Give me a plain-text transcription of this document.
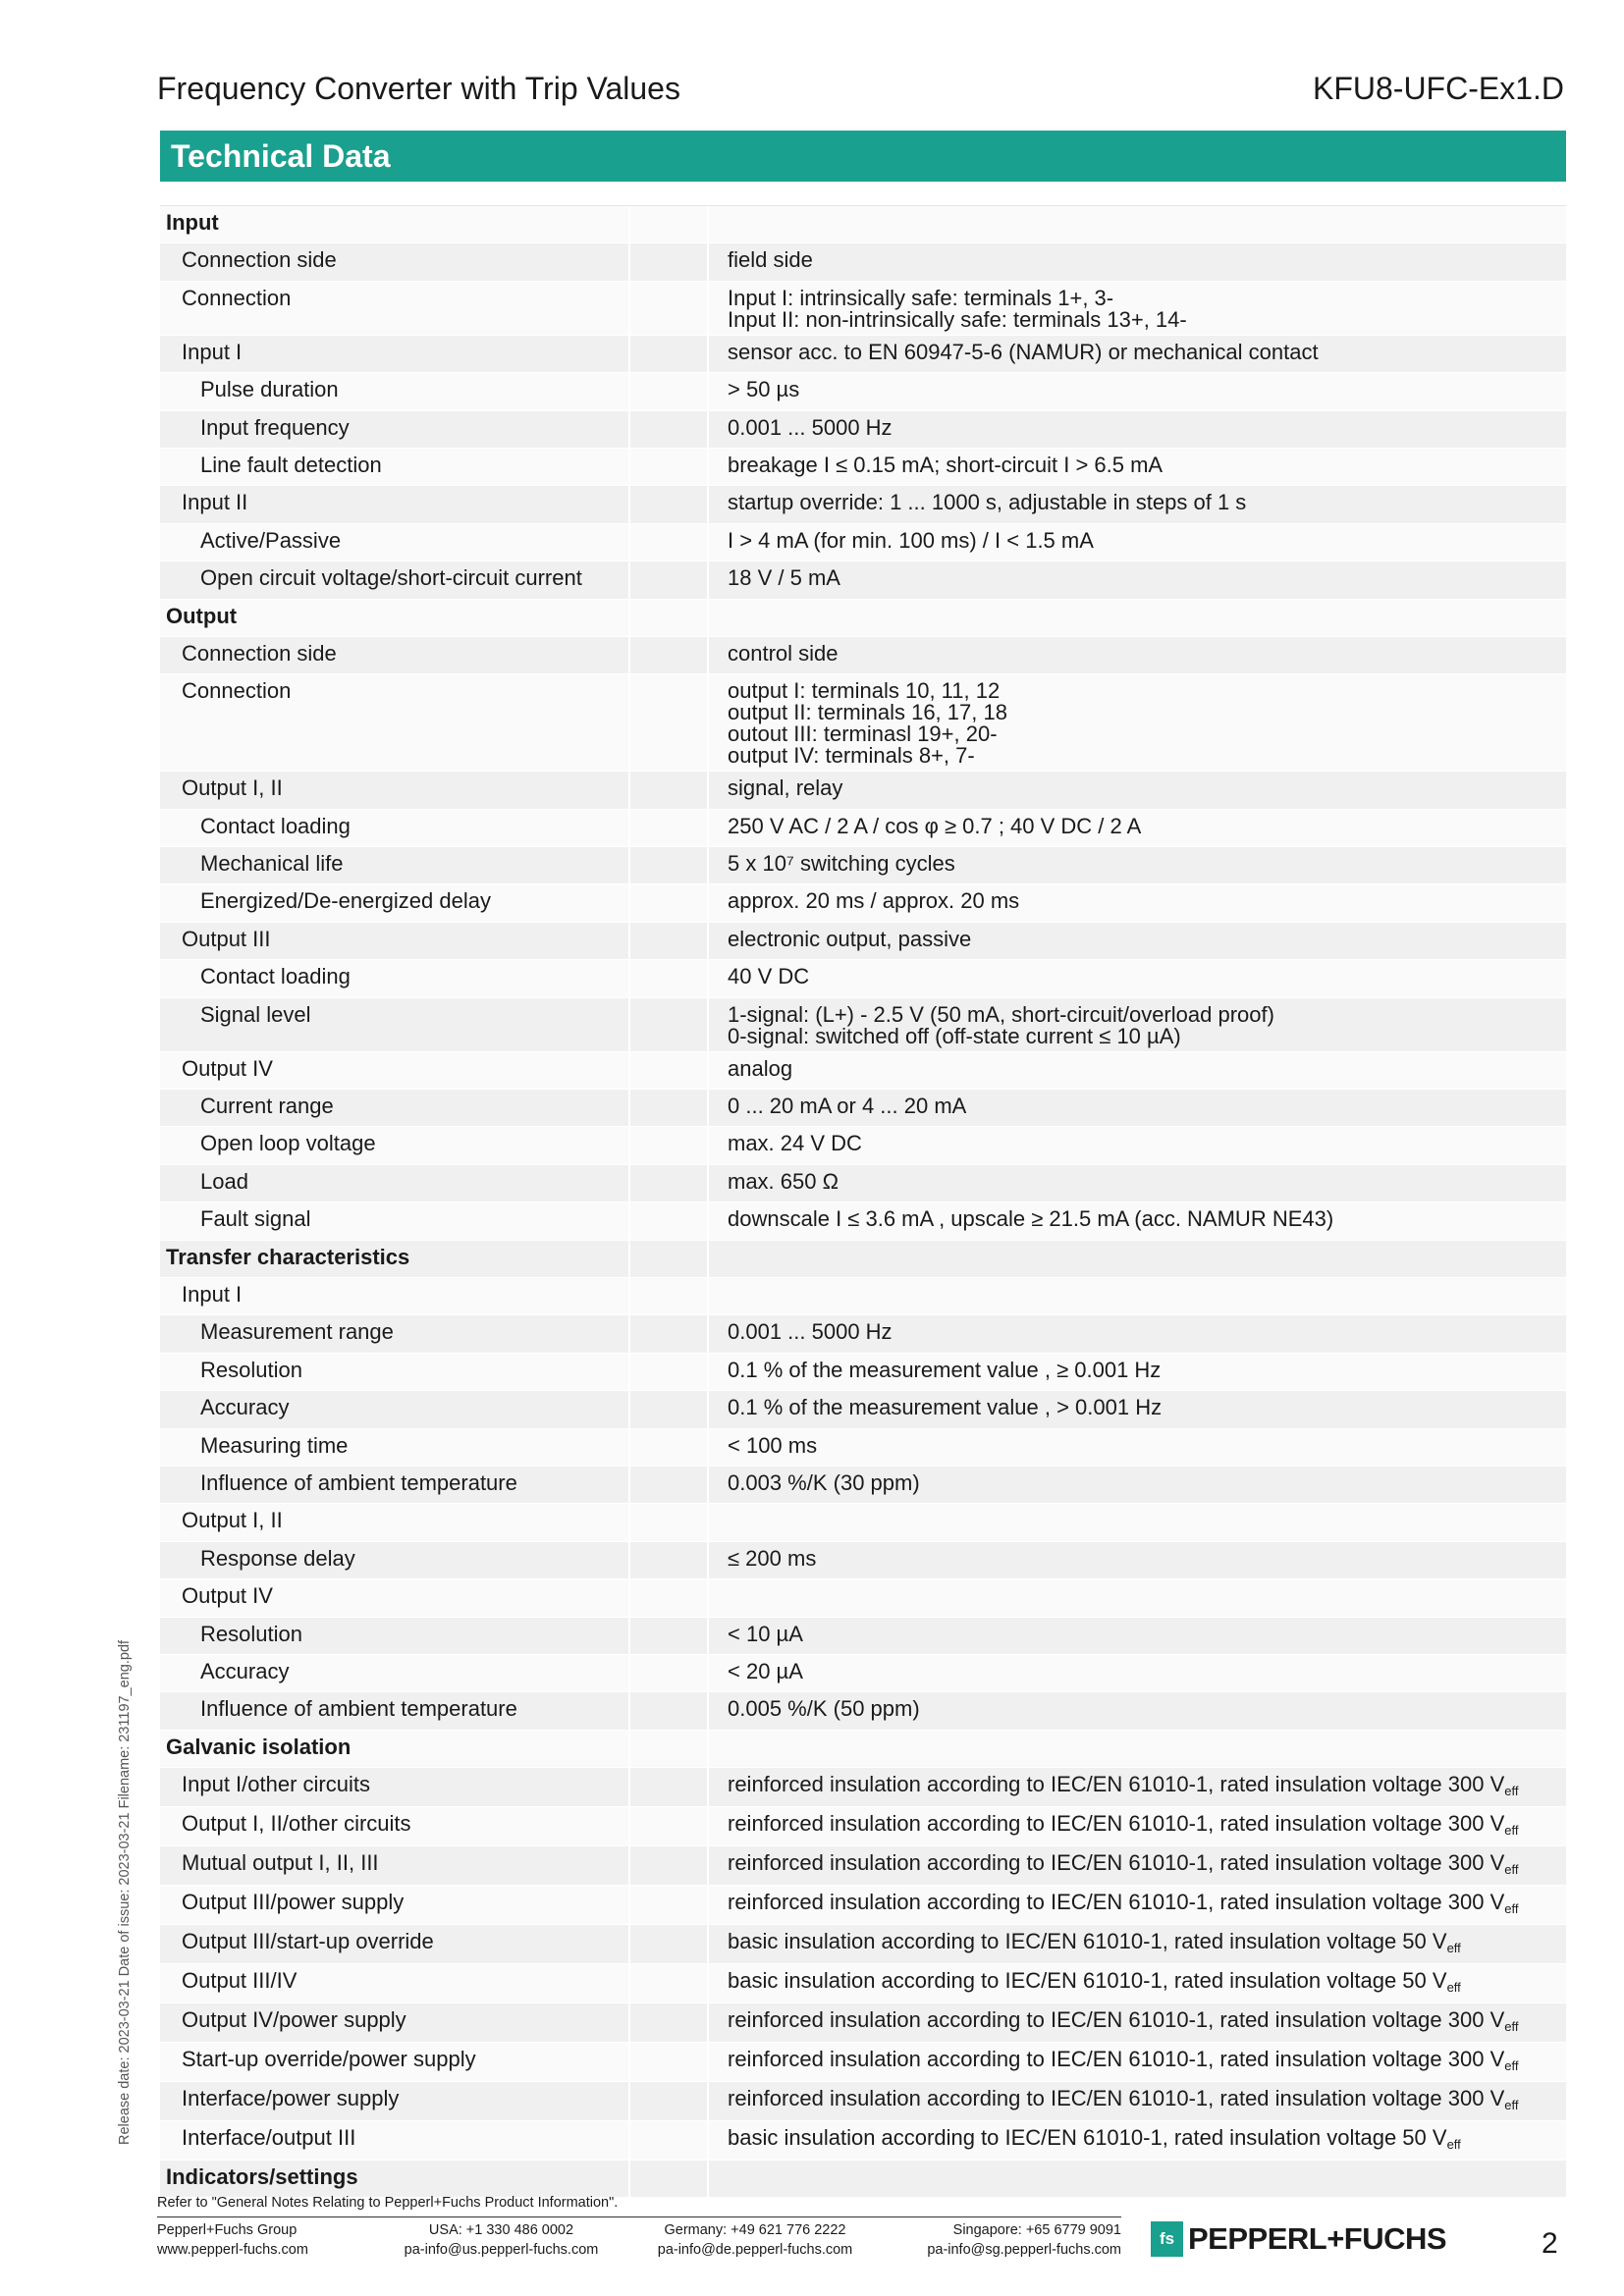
Frequency Converter with Trip Values	KFU8-UFC-Ex1.D
Technical Data
Input
Connection side	field side
Connection	Input I: intrinsically safe: terminals 1+, 3-
Input II: non-intrinsically safe: terminals 13+, 14-
Input I	sensor acc. to EN 60947-5-6 (NAMUR) or mechanical contact
Pulse duration	> 50 µs
Input frequency	0.001 ... 5000 Hz
Line fault detection	breakage I ≤ 0.15 mA; short-circuit I > 6.5 mA
Input II	startup override: 1 ... 1000 s, adjustable in steps of 1 s
Active/Passive	I > 4 mA (for min. 100 ms) / I < 1.5 mA
Open circuit voltage/short-circuit current	18 V / 5 mA
Output
Connection side	control side
Connection	output I: terminals 10, 11, 12
output II: terminals 16, 17, 18
outout III: terminasl 19+, 20-
output IV: terminals 8+, 7-
Output I, II	signal, relay
Contact loading	250 V AC / 2 A / cos φ ≥ 0.7 ; 40 V DC / 2 A
Mechanical life	5 x 10⁷ switching cycles
Energized/De-energized delay	approx. 20 ms / approx. 20 ms
Output III	electronic output, passive
Contact loading	40 V DC
Signal level	1-signal: (L+) - 2.5 V (50 mA, short-circuit/overload proof)
0-signal: switched off (off-state current ≤ 10 µA)
Output IV	analog
Current range	0 ... 20 mA or 4 ... 20 mA
Open loop voltage	max. 24 V DC
Load	max. 650 Ω
Fault signal	downscale I ≤ 3.6 mA , upscale ≥ 21.5 mA (acc. NAMUR NE43)
Transfer characteristics
Input I
Measurement range	0.001 ... 5000 Hz
Resolution	0.1 % of the measurement value , ≥ 0.001 Hz
Accuracy	0.1 % of the measurement value , > 0.001 Hz
Measuring time	< 100 ms
Influence of ambient temperature	0.003 %/K (30 ppm)
Output I, II
Response delay	≤ 200 ms
Output IV
Resolution	< 10 µA
Accuracy	< 20 µA
Influence of ambient temperature	0.005 %/K (50 ppm)
Galvanic isolation
Input I/other circuits	reinforced insulation according to IEC/EN 61010-1, rated insulation voltage 300 $V_{eff}$
Output I, II/other circuits	reinforced insulation according to IEC/EN 61010-1, rated insulation voltage 300 $V_{eff}$
Mutual output I, II, III	reinforced insulation according to IEC/EN 61010-1, rated insulation voltage 300 $V_{eff}$
Output III/power supply	reinforced insulation according to IEC/EN 61010-1, rated insulation voltage 300 $V_{eff}$
Output III/start-up override	basic insulation according to IEC/EN 61010-1, rated insulation voltage 50 $V_{eff}$
Output III/IV	basic insulation according to IEC/EN 61010-1, rated insulation voltage 50 $V_{eff}$
Output IV/power supply	reinforced insulation according to IEC/EN 61010-1, rated insulation voltage 300 $V_{eff}$
Start-up override/power supply	reinforced insulation according to IEC/EN 61010-1, rated insulation voltage 300 $V_{eff}$
Interface/power supply	reinforced insulation according to IEC/EN 61010-1, rated insulation voltage 300 $V_{eff}$
Interface/output III	basic insulation according to IEC/EN 61010-1, rated insulation voltage 50 $V_{eff}$
Indicators/settings
Release date: 2023-03-21 Date of issue: 2023-03-21 Filename: 231197_eng.pdf
Refer to "General Notes Relating to Pepperl+Fuchs Product Information".
Pepperl+Fuchs Group
www.pepperl-fuchs.com
USA: +1 330 486 0002
pa-info@us.pepperl-fuchs.com
Germany: +49 621 776 2222
pa-info@de.pepperl-fuchs.com
Singapore: +65 6779 9091
pa-info@sg.pepperl-fuchs.com
fs PEPPERL+FUCHS	2
